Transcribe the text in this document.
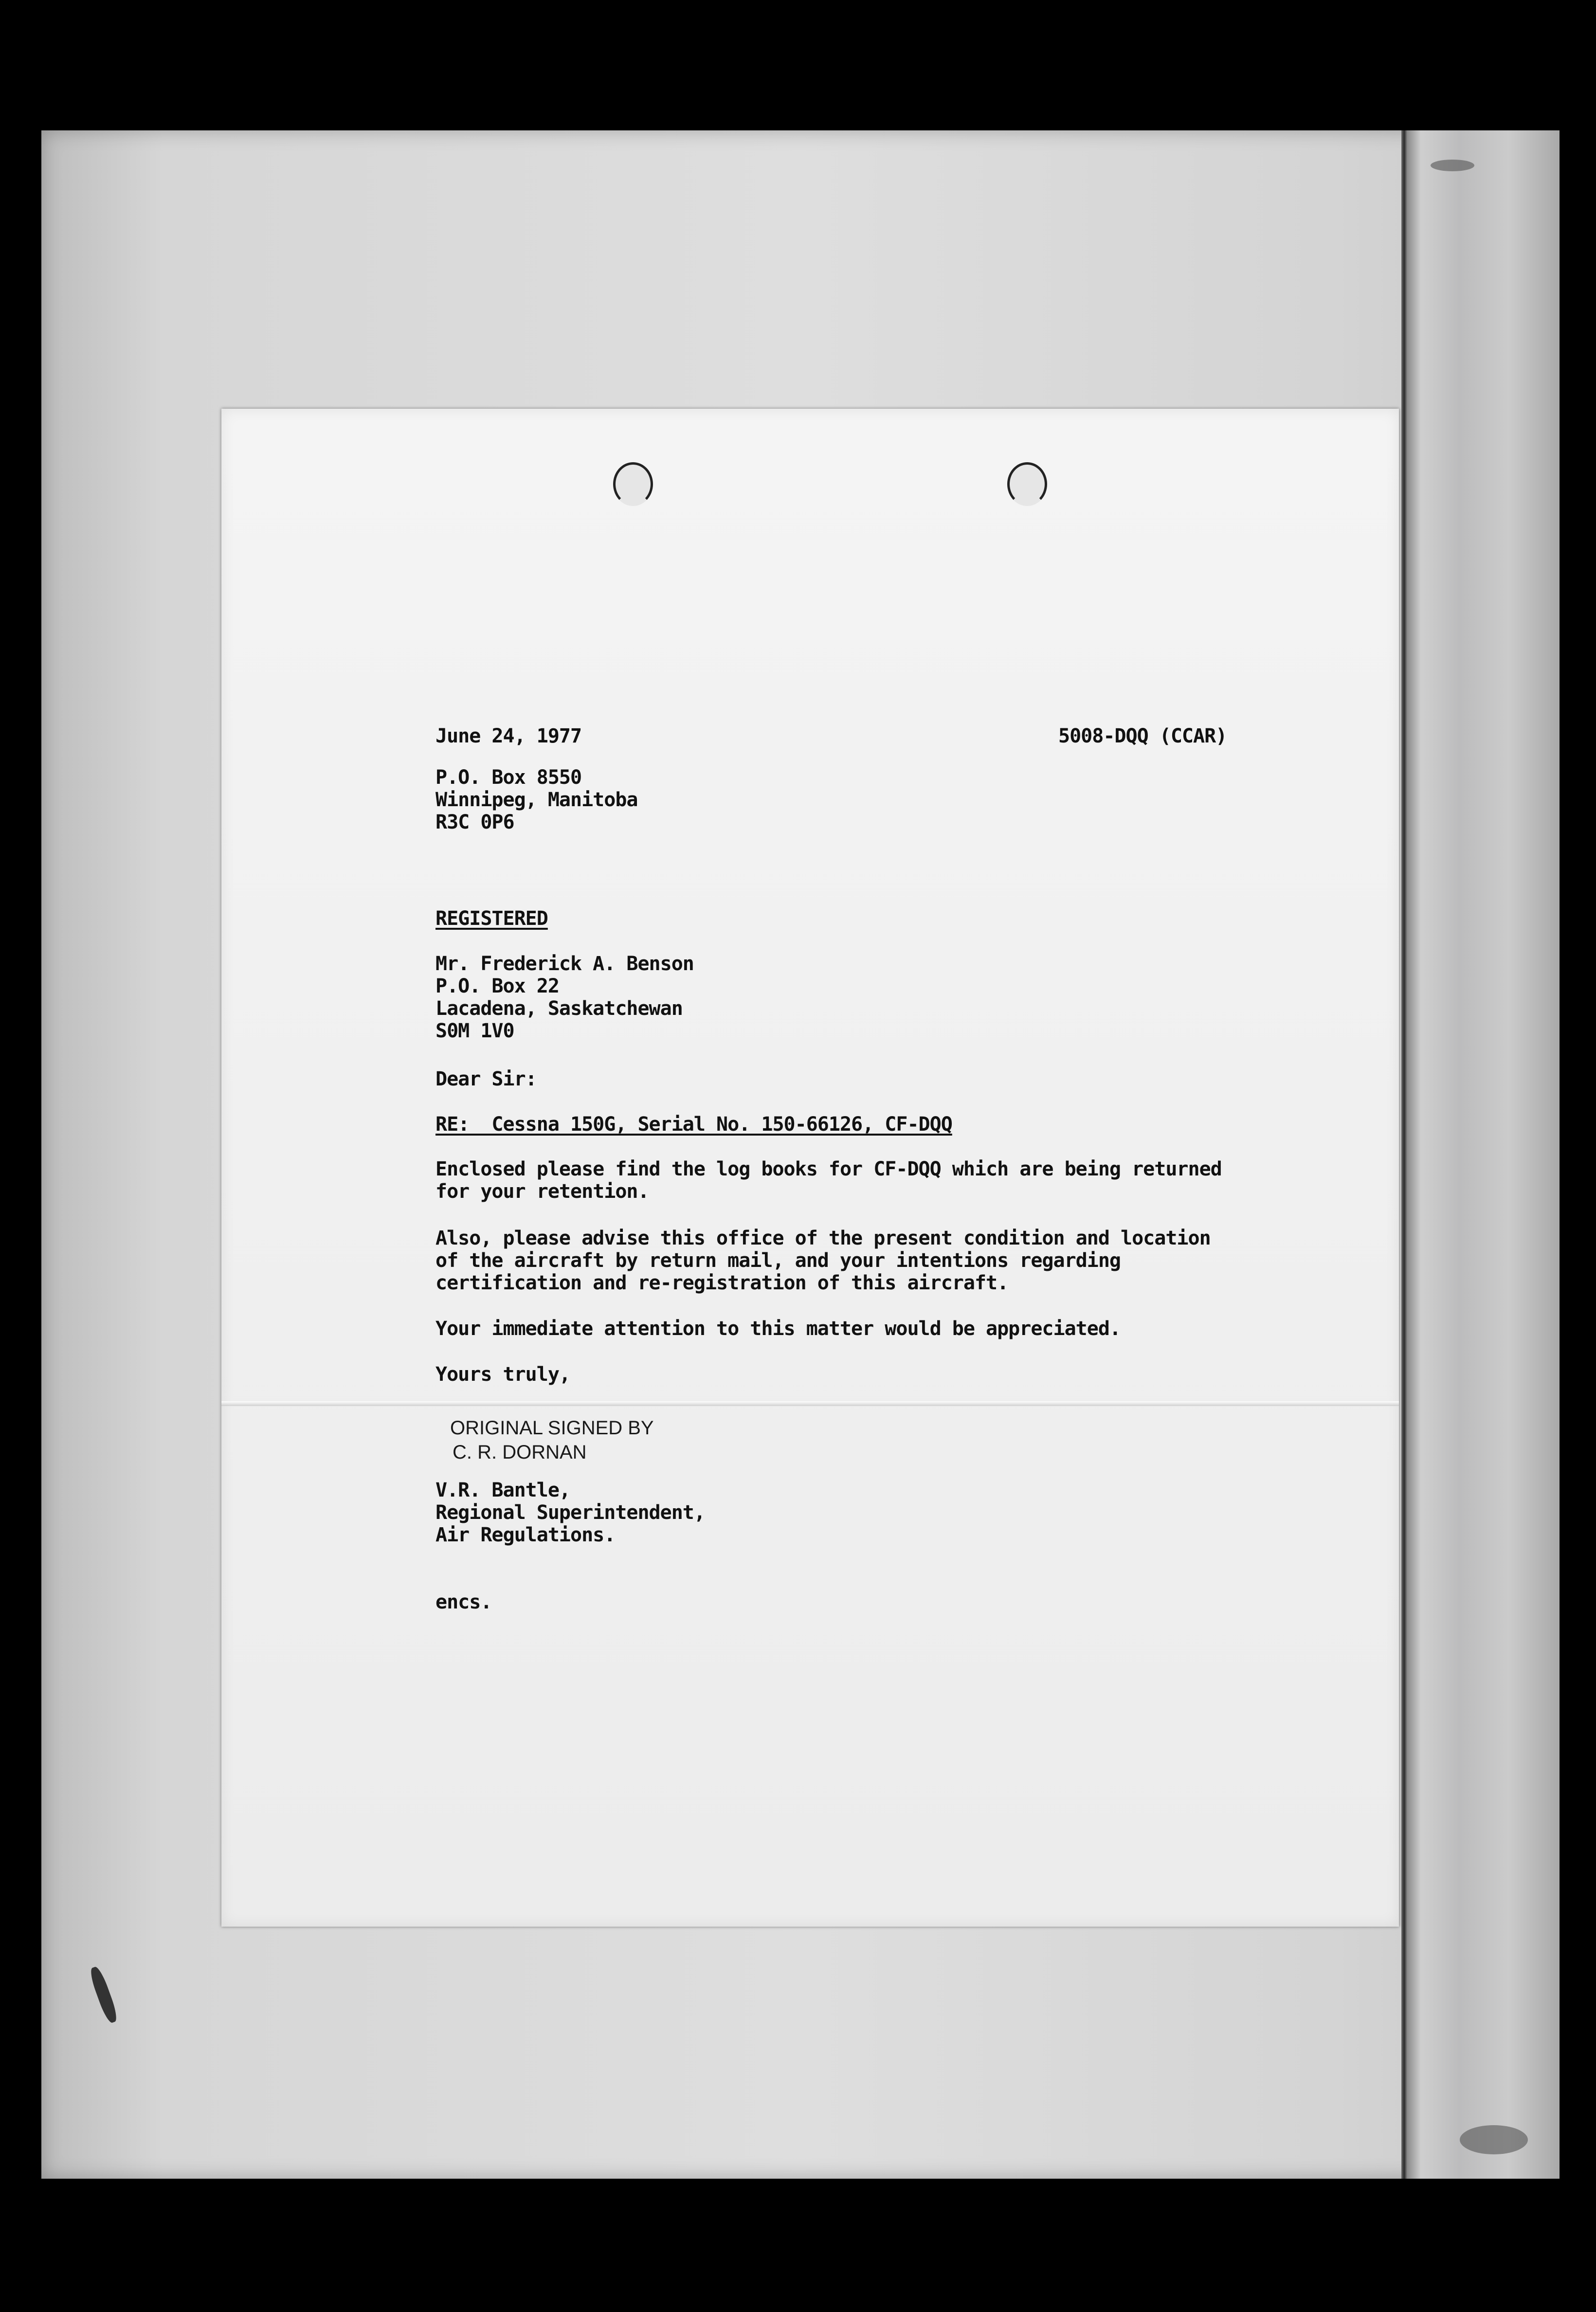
June 24, 1977	5008-DQQ (CCAR)
P.O. Box 8550
Winnipeg, Manitoba
R3C 0P6
REGISTERED
Mr. Frederick A. Benson
P.O. Box 22
Lacadena, Saskatchewan
S0M 1V0
Dear Sir:
RE:  Cessna 150G, Serial No. 150-66126, CF-DQQ
Enclosed please find the log books for CF-DQQ which are being returned
for your retention.
Also, please advise this office of the present condition and location
of the aircraft by return mail, and your intentions regarding
certification and re-registration of this aircraft.
Your immediate attention to this matter would be appreciated.
Yours truly,
ORIGINAL SIGNED BY
C. R. DORNAN
V.R. Bantle,
Regional Superintendent,
Air Regulations.
encs.
